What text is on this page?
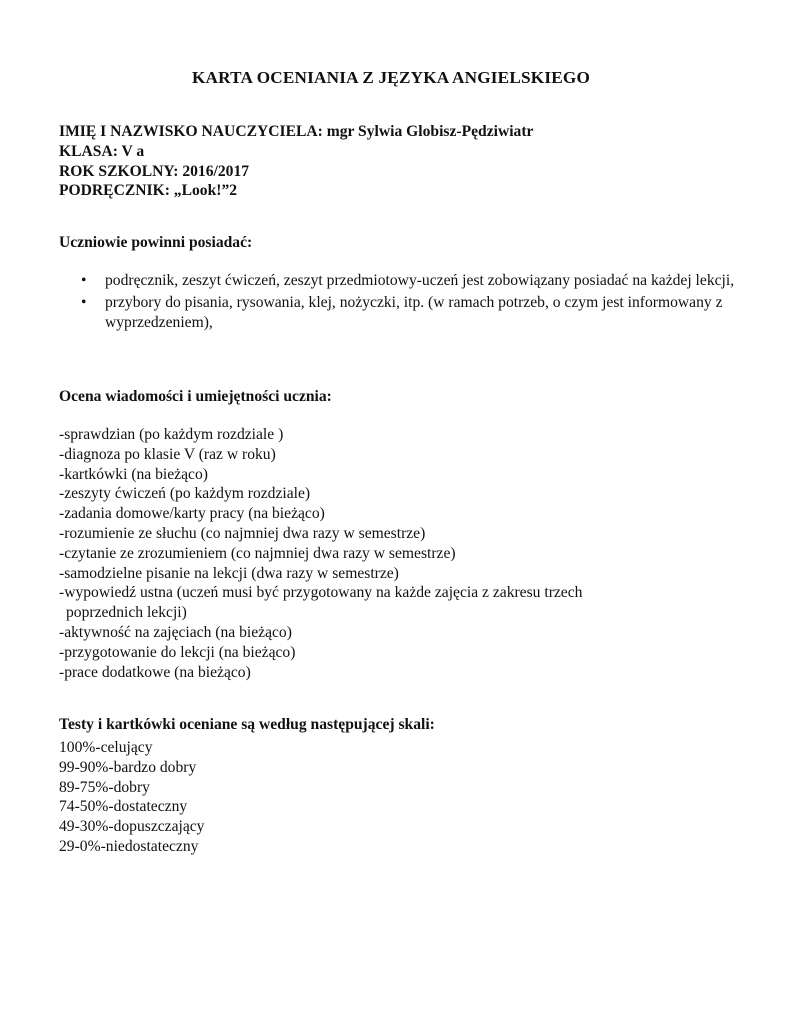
KARTA OCENIANIA Z JĘZYKA ANGIELSKIEGO
IMIĘ I NAZWISKO NAUCZYCIELA: mgr Sylwia Globisz-Pędziwiatr
KLASA: V a
ROK SZKOLNY: 2016/2017
PODRĘCZNIK: „Look!”2
Uczniowie powinni posiadać:
• podręcznik, zeszyt ćwiczeń, zeszyt przedmiotowy-uczeń jest zobowiązany posiadać na każdej lekcji,
• przybory do pisania, rysowania, klej, nożyczki, itp. (w ramach potrzeb, o czym jest informowany z wyprzedzeniem),
Ocena wiadomości i umiejętności ucznia:
-sprawdzian (po każdym rozdziale )
-diagnoza po klasie V (raz w roku)
-kartkówki (na bieżąco)
-zeszyty ćwiczeń (po każdym rozdziale)
-zadania domowe/karty pracy (na bieżąco)
-rozumienie ze słuchu (co najmniej dwa razy w semestrze)
-czytanie ze zrozumieniem (co najmniej dwa razy w semestrze)
-samodzielne pisanie na lekcji (dwa razy w semestrze)
-wypowiedź ustna (uczeń musi być przygotowany na każde zajęcia z zakresu trzech
poprzednich lekcji)
-aktywność na zajęciach (na bieżąco)
-przygotowanie do lekcji (na bieżąco)
-prace dodatkowe (na bieżąco)
Testy i kartkówki oceniane są według następującej skali:
100%-celujący
99-90%-bardzo dobry
89-75%-dobry
74-50%-dostateczny
49-30%-dopuszczający
29-0%-niedostateczny
